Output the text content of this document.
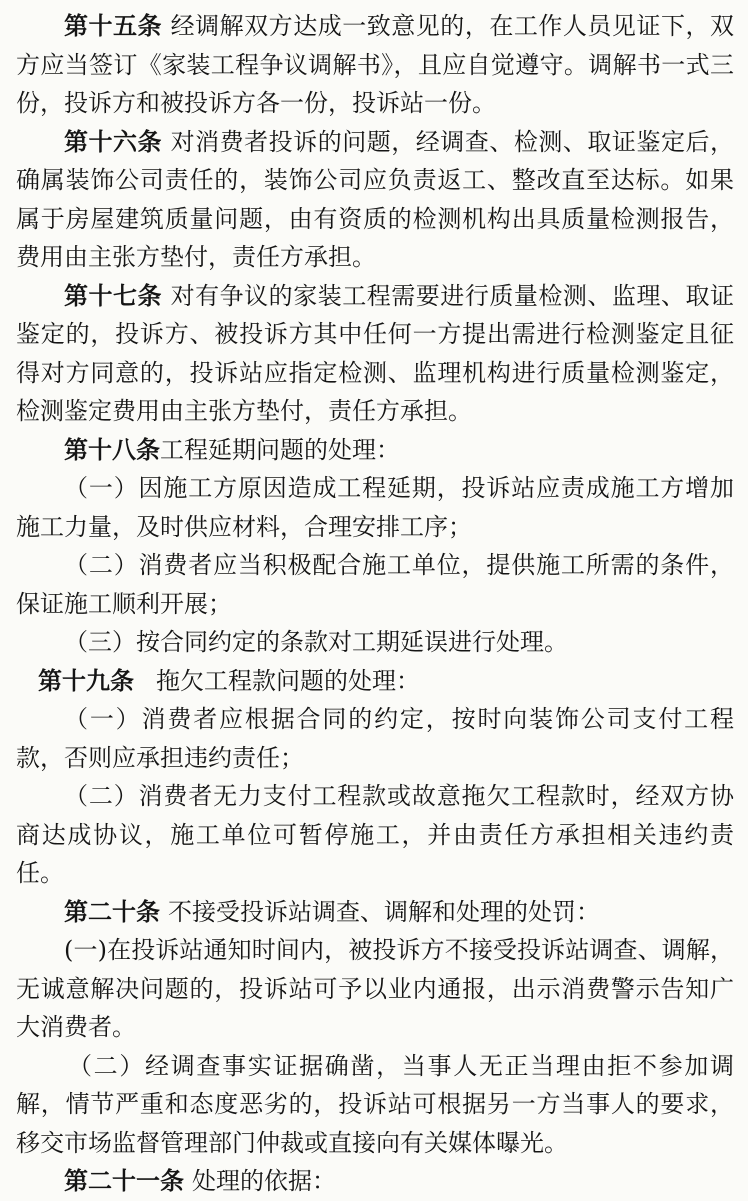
第十五条 经调解双方达成一致意见的，在工作人员见证下，双方应当签订《家装工程争议调解书》，且应自觉遵守。调解书一式三份，投诉方和被投诉方各一份，投诉站一份。

第十六条 对消费者投诉的问题，经调查、检测、取证鉴定后，确属装饰公司责任的，装饰公司应负责返工、整改直至达标。如果属于房屋建筑质量问题，由有资质的检测机构出具质量检测报告，费用由主张方垫付，责任方承担。

第十七条 对有争议的家装工程需要进行质量检测、监理、取证鉴定的，投诉方、被投诉方其中任何一方提出需进行检测鉴定且征得对方同意的，投诉站应指定检测、监理机构进行质量检测鉴定，检测鉴定费用由主张方垫付，责任方承担。

第十八条工程延期问题的处理：

（一）因施工方原因造成工程延期，投诉站应责成施工方增加施工力量，及时供应材料，合理安排工序；

（二）消费者应当积极配合施工单位，提供施工所需的条件，保证施工顺利开展；

（三）按合同约定的条款对工期延误进行处理。

第十九条 拖欠工程款问题的处理：

（一）消费者应根据合同的约定，按时向装饰公司支付工程款，否则应承担违约责任；

（二）消费者无力支付工程款或故意拖欠工程款时，经双方协商达成协议，施工单位可暂停施工，并由责任方承担相关违约责任。

第二十条 不接受投诉站调查、调解和处理的处罚：

(一)在投诉站通知时间内，被投诉方不接受投诉站调查、调解，无诚意解决问题的，投诉站可予以业内通报，出示消费警示告知广大消费者。

（二）经调查事实证据确凿，当事人无正当理由拒不参加调解，情节严重和态度恶劣的，投诉站可根据另一方当事人的要求，移交市场监督管理部门仲裁或直接向有关媒体曝光。

第二十一条 处理的依据：
